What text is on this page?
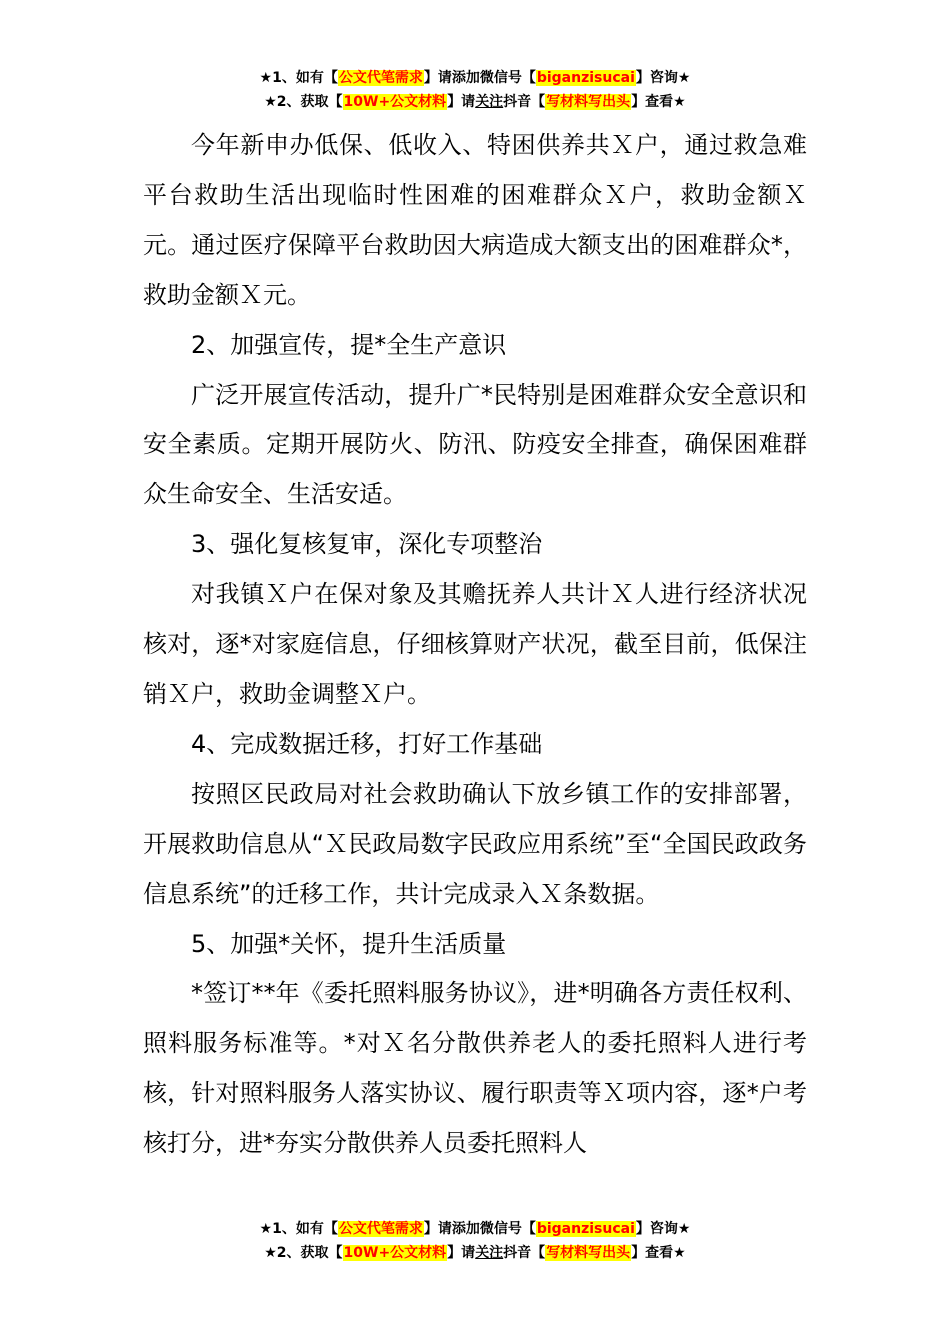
★1、如有【公文代笔需求】请添加微信号【biganzisucai】咨询★
★2、获取【10W+公文材料】请关注抖音【写材料写出头】查看★

今年新申办低保、低收入、特困供养共Ｘ户，通过救急难平台救助生活出现临时性困难的困难群众Ｘ户，救助金额Ｘ元。通过医疗保障平台救助因大病造成大额支出的困难群众*，救助金额Ｘ元。

2、加强宣传，提*全生产意识

广泛开展宣传活动，提升广*民特别是困难群众安全意识和安全素质。定期开展防火、防汛、防疫安全排查，确保困难群众生命安全、生活安适。

3、强化复核复审，深化专项整治

对我镇Ｘ户在保对象及其赡抚养人共计Ｘ人进行经济状况核对，逐*对家庭信息，仔细核算财产状况，截至目前，低保注销Ｘ户，救助金调整Ｘ户。

4、完成数据迁移，打好工作基础

按照区民政局对社会救助确认下放乡镇工作的安排部署，开展救助信息从“Ｘ民政局数字民政应用系统”至“全国民政政务信息系统”的迁移工作，共计完成录入Ｘ条数据。

5、加强*关怀，提升生活质量

*签订**年《委托照料服务协议》，进*明确各方责任权利、照料服务标准等。*对Ｘ名分散供养老人的委托照料人进行考核，针对照料服务人落实协议、履行职责等Ｘ项内容，逐*户考核打分，进*夯实分散供养人员委托照料人

★1、如有【公文代笔需求】请添加微信号【biganzisucai】咨询★
★2、获取【10W+公文材料】请关注抖音【写材料写出头】查看★
